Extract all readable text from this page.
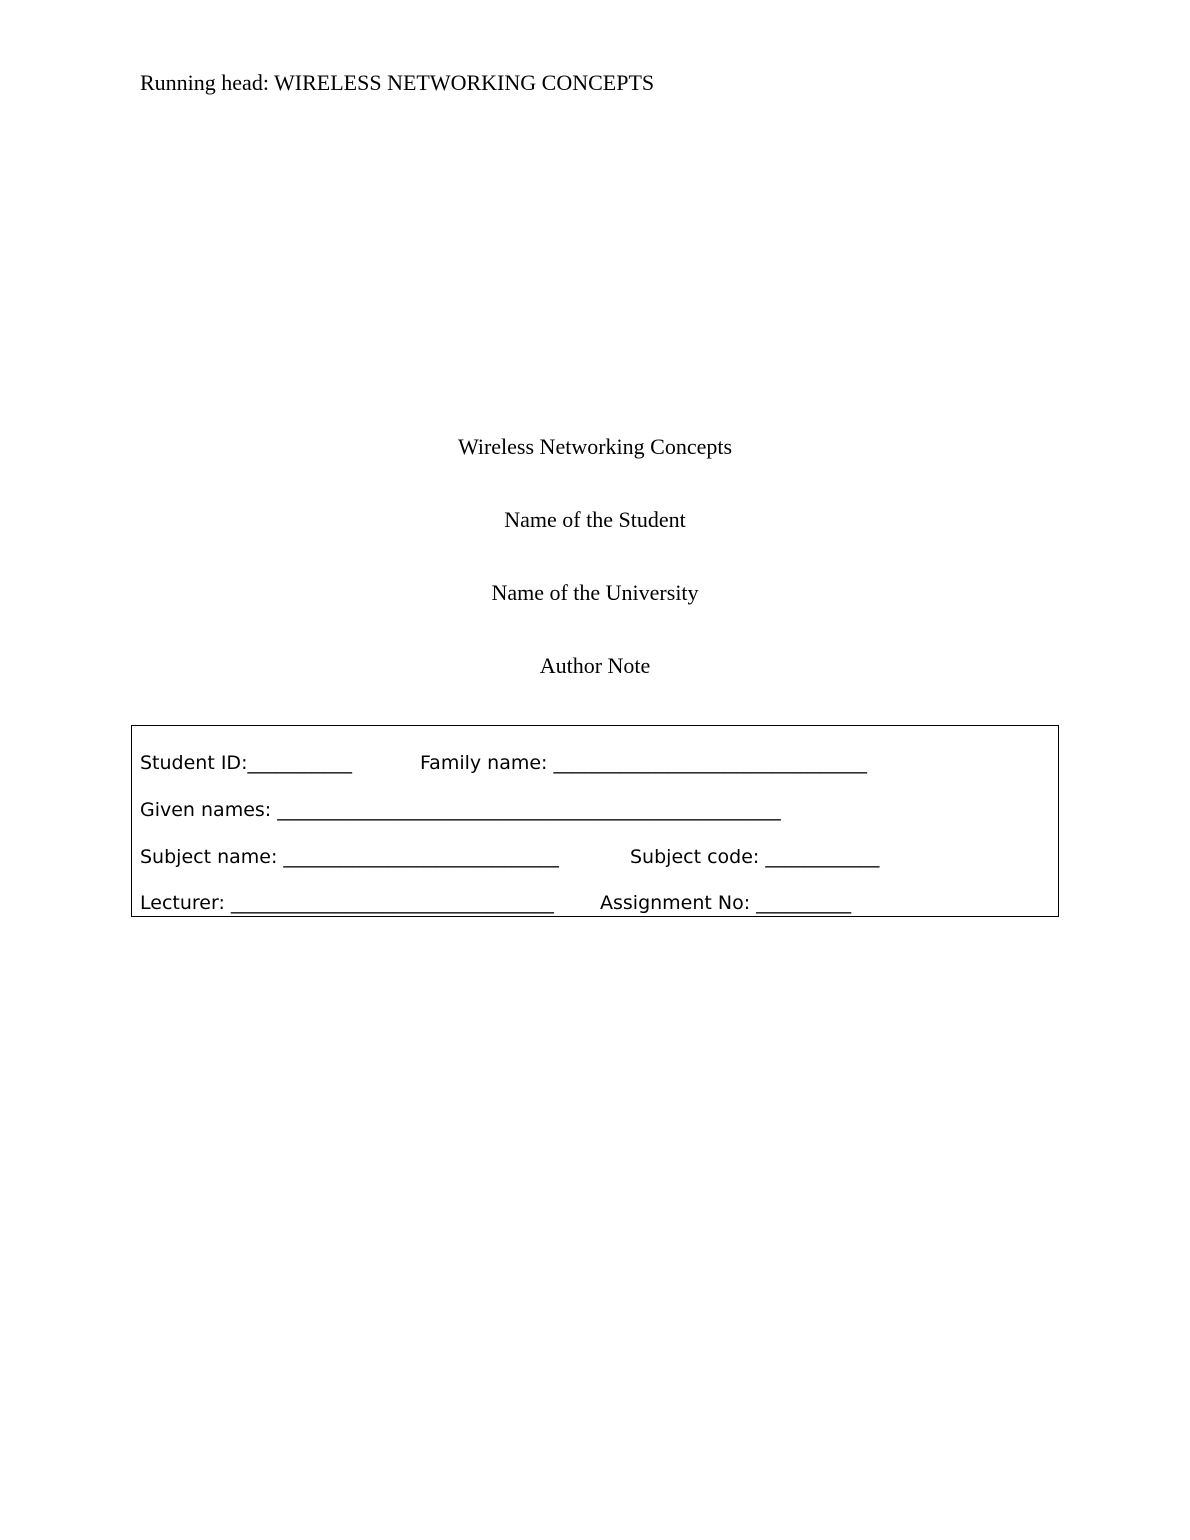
Running head: WIRELESS NETWORKING CONCEPTS
Wireless Networking Concepts
Name of the Student
Name of the University
Author Note
Student ID:___________	Family name: _________________________________
Given names: _____________________________________________________
Subject name: _____________________________	Subject code: ____________
Lecturer: __________________________________ Assignment No: __________
